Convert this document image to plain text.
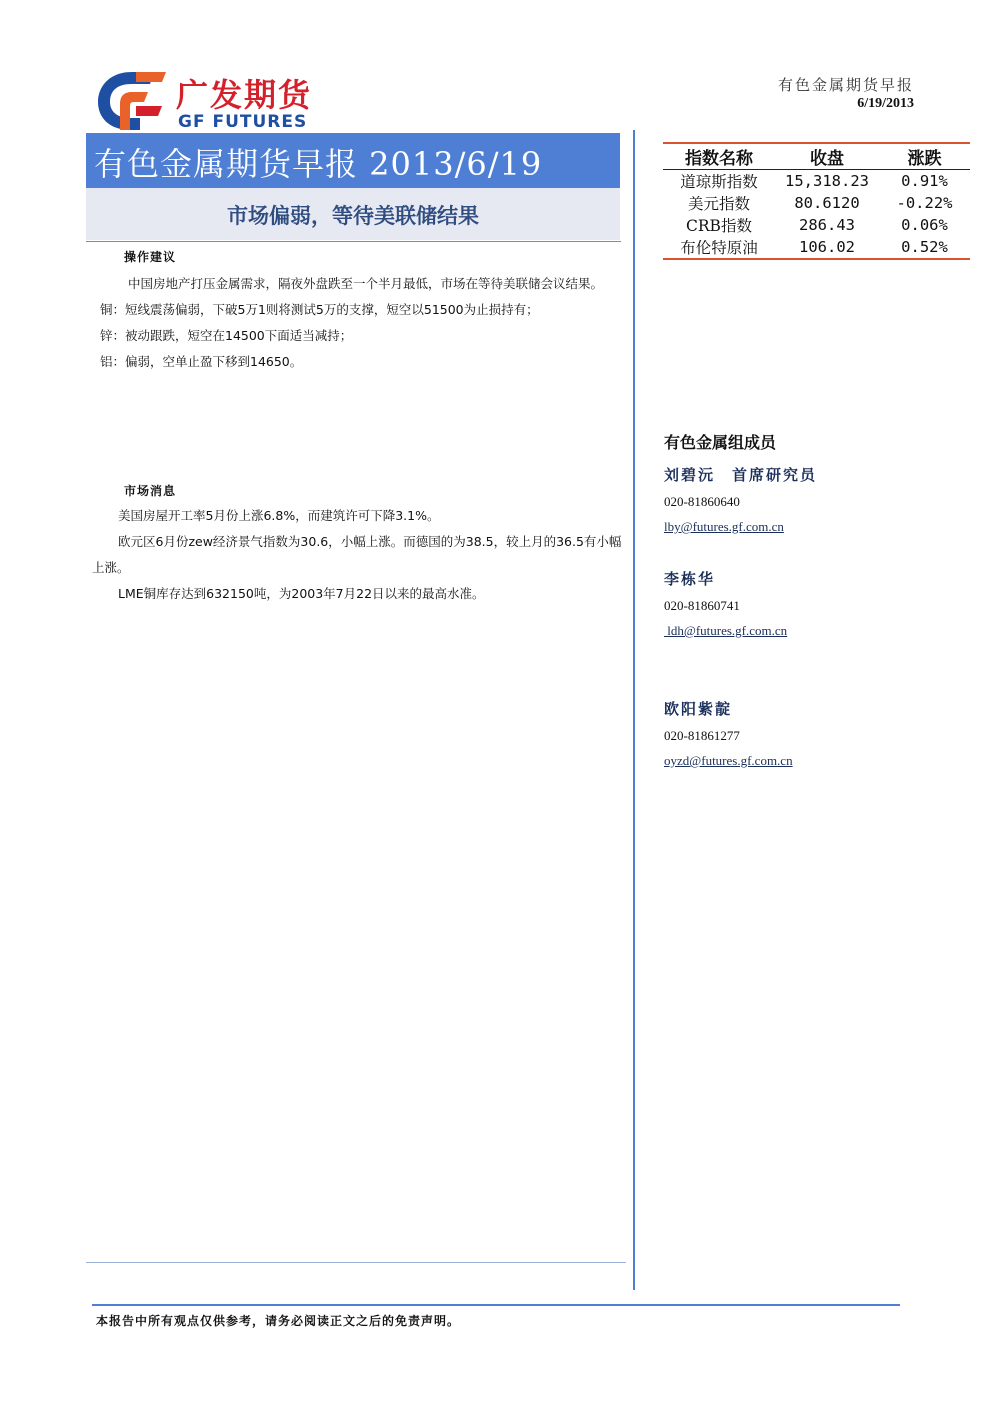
广发期货
GF FUTURES
有色金属期货早报
6/19/2013
有色金属期货早报 2013/6/19
市场偏弱，等待美联储结果
操作建议
中国房地产打压金属需求，隔夜外盘跌至一个半月最低，市场在等待美联储会议结果。
铜：短线震荡偏弱，下破5万1则将测试5万的支撑，短空以51500为止损持有；
锌：被动跟跌，短空在14500下面适当减持；
铝：偏弱，空单止盈下移到14650。
市场消息
美国房屋开工率5月份上涨6.8%，而建筑许可下降3.1%。
欧元区6月份zew经济景气指数为30.6，小幅上涨。而德国的为38.5，较上月的36.5有小幅上涨。
LME铜库存达到632150吨，为2003年7月22日以来的最高水准。
指数名称	收盘	涨跌

道琼斯指数	15,318.23	0.91%
美元指数	80.6120	-0.22%
CRB指数	286.43	0.06%
布伦特原油	106.02	0.52%
有色金属组成员
刘碧沅　首席研究员
020-81860640
lby@futures.gf.com.cn
李栋华
020-81860741
ldh@futures.gf.com.cn
欧阳紫靛
020-81861277
oyzd@futures.gf.com.cn
本报告中所有观点仅供参考，请务必阅读正文之后的免责声明。
